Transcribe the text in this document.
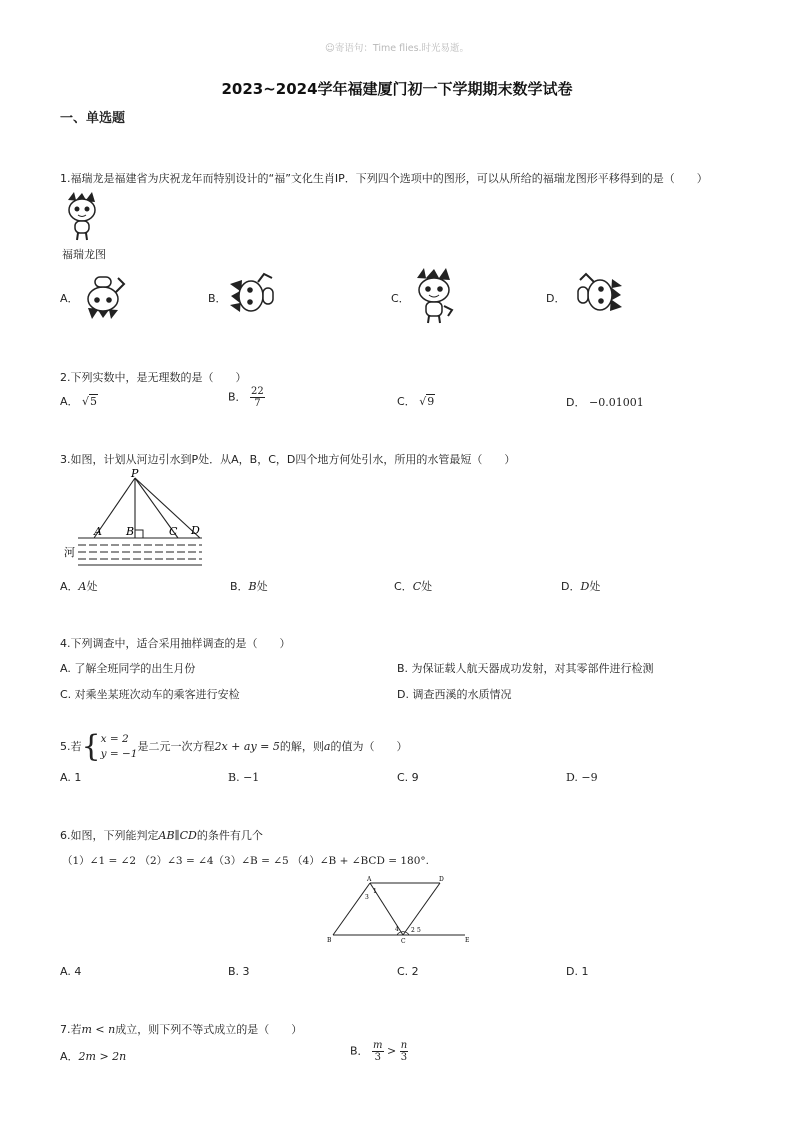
☺寄语句：Time flies.时光易逝。
2023~2024学年福建厦门初一下学期期末数学试卷
一、单选题
1.福瑞龙是福建省为庆祝龙年而特别设计的“福”文化生肖IP．下列四个选项中的图形，可以从所给的福瑞龙图形平移得到的是（　　）
福瑞龙图
A．	B．	C．	D．
2.下列实数中，是无理数的是（　　）
A． √5	B． $\frac{22}{7}$	C． √9	D． −0.01001
3.如图，计划从河边引水到P处．从A，B，C，D四个地方何处引水，所用的水管最短（　　）
P
A B	C D
河
A．A处	B．B处	C．C处	D．D处
4.下列调查中，适合采用抽样调查的是（　　）
A. 了解全班同学的出生月份	B. 为保证载人航天器成功发射，对其零部件进行检测
C. 对乘坐某班次动车的乘客进行安检	D. 调查西溪的水质情况
5.若{ x = 2
y = −1
是二元一次方程2x + ay = 5的解，则a的值为（　　）
A. 1	B. −1	C. 9	D. −9
6.如图，下列能判定AB∥CD的条件有几个
（1）∠1 = ∠2 （2）∠3 = ∠4（3）∠B = ∠5 （4）∠B + ∠BCD = 180°.
A	D
B	C	E
1
3
2
4	5
A. 4	B. 3	C. 2	D. 1
7.若m < n成立，则下列不等式成立的是（　　）
A．2m > 2n	B． $\frac{m}{3} > \frac{n}{3}$
